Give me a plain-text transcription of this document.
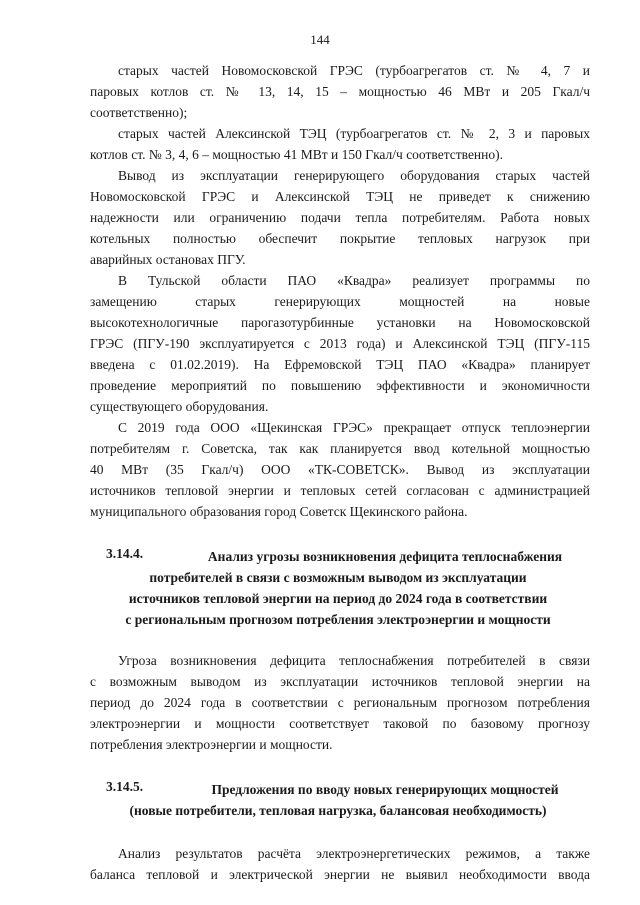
144
старых частей Новомосковской ГРЭС (турбоагрегатов ст. № 4, 7 и
паровых котлов ст. № 13, 14, 15 – мощностью 46 МВт и 205 Гкал/ч
соответственно);
старых частей Алексинской ТЭЦ (турбоагрегатов ст. № 2, 3 и паровых
котлов ст. № 3, 4, 6 – мощностью 41 МВт и 150 Гкал/ч соответственно).
Вывод из эксплуатации генерирующего оборудования старых частей
Новомосковской ГРЭС и Алексинской ТЭЦ не приведет к снижению
надежности или ограничению подачи тепла потребителям. Работа новых
котельных полностью обеспечит покрытие тепловых нагрузок при
аварийных остановах ПГУ.
В Тульской области ПАО «Квадра» реализует программы по
замещению старых генерирующих мощностей на новые
высокотехнологичные парогазотурбинные установки на Новомосковской
ГРЭС (ПГУ-190 эксплуатируется с 2013 года) и Алексинской ТЭЦ (ПГУ-115
введена с 01.02.2019). На Ефремовской ТЭЦ ПАО «Квадра» планирует
проведение мероприятий по повышению эффективности и экономичности
существующего оборудования.
С 2019 года ООО «Щекинская ГРЭС» прекращает отпуск теплоэнергии
потребителям г. Советска, так как планируется ввод котельной мощностью
40 МВт (35 Гкал/ч) ООО «ТК-СОВЕТСК». Вывод из эксплуатации
источников тепловой энергии и тепловых сетей согласован с администрацией
муниципального образования город Советск Щекинского района.
3.14.4.	Анализ угрозы возникновения дефицита теплоснабжения
потребителей в связи с возможным выводом из эксплуатации
источников тепловой энергии на период до 2024 года в соответствии
с региональным прогнозом потребления электроэнергии и мощности
Угроза возникновения дефицита теплоснабжения потребителей в связи
с возможным выводом из эксплуатации источников тепловой энергии на
период до 2024 года в соответствии с региональным прогнозом потребления
электроэнергии и мощности соответствует таковой по базовому прогнозу
потребления электроэнергии и мощности.
3.14.5.	Предложения по вводу новых генерирующих мощностей
(новые потребители, тепловая нагрузка, балансовая необходимость)
Анализ результатов расчёта электроэнергетических режимов, а также
баланса тепловой и электрической энергии не выявил необходимости ввода
